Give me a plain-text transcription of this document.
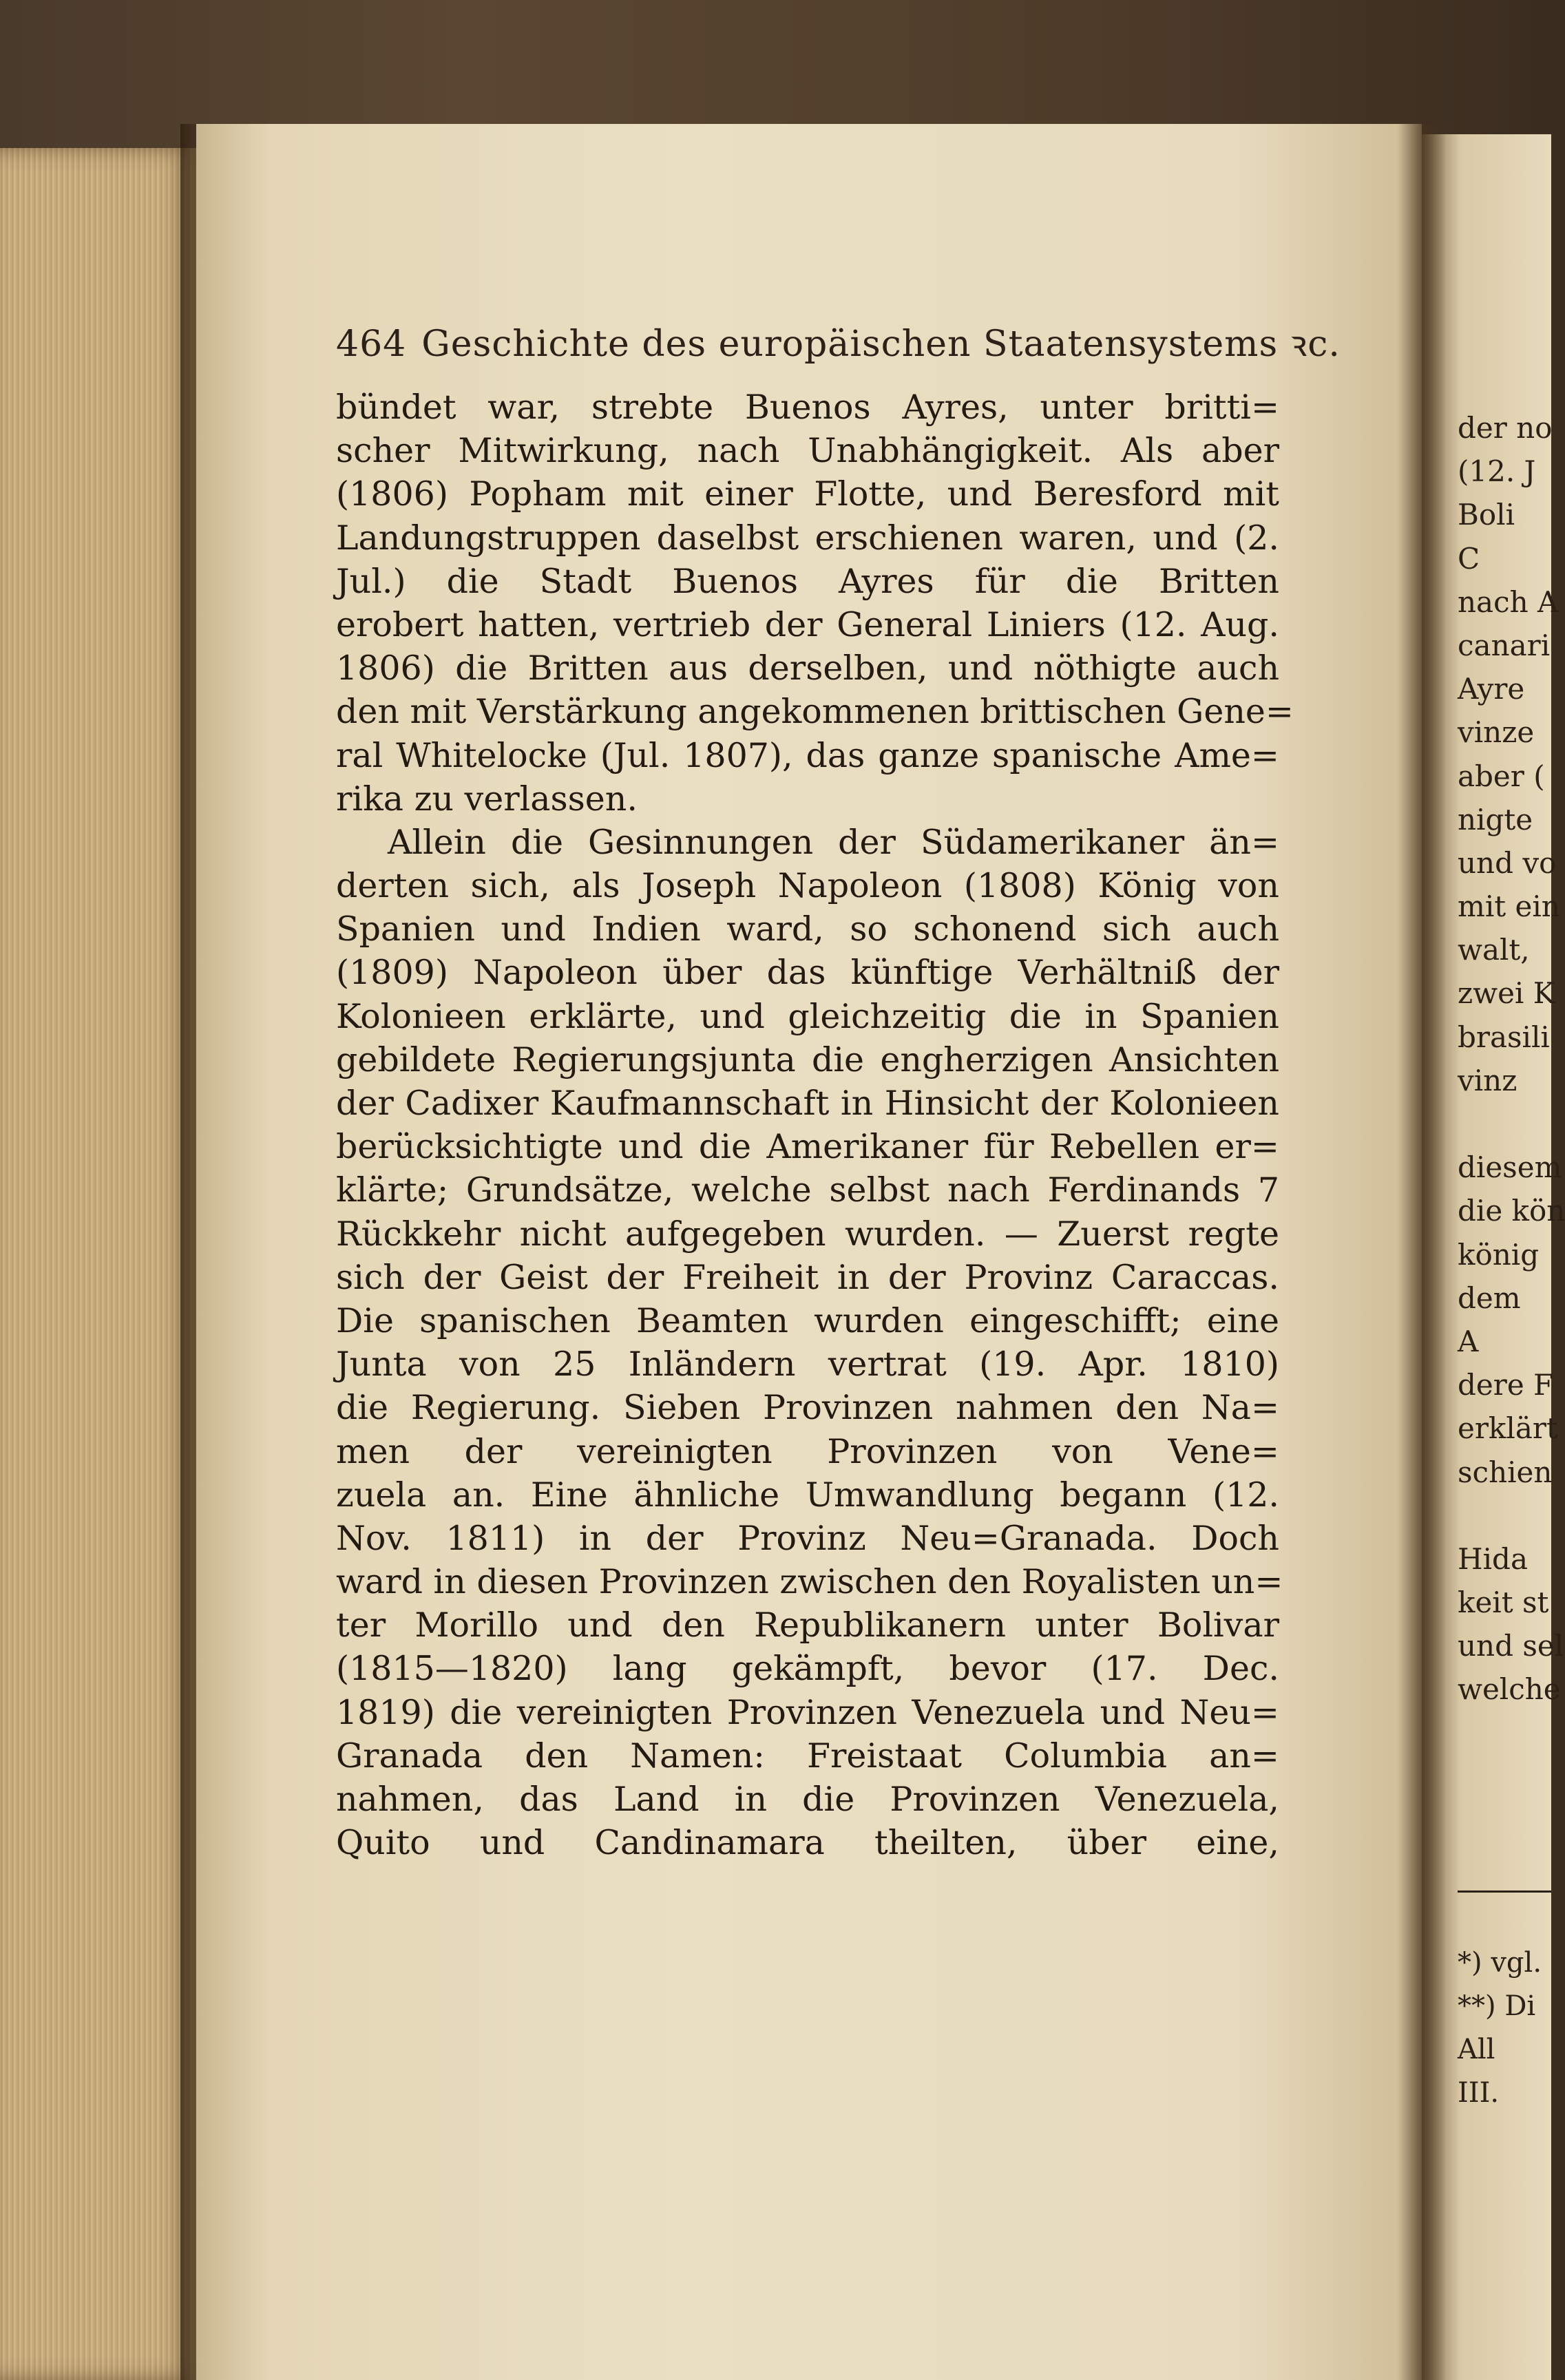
464 Geschichte des europäischen Staatensystems ꝛc.
bündet war, strebte Buenos Ayres, unter britti=
scher Mitwirkung, nach Unabhängigkeit. Als aber
(1806) Popham mit einer Flotte, und Beresford mit
Landungstruppen daselbst erschienen waren, und (2.
Jul.) die Stadt Buenos Ayres für die Britten
erobert hatten, vertrieb der General Liniers (12. Aug.
1806) die Britten aus derselben, und nöthigte auch
den mit Verstärkung angekommenen brittischen Gene=
ral Whitelocke (Jul. 1807), das ganze spanische Ame=
rika zu verlassen.
Allein die Gesinnungen der Südamerikaner än=
derten sich, als Joseph Napoleon (1808) König von
Spanien und Indien ward, so schonend sich auch
(1809) Napoleon über das künftige Verhältniß der
Kolonieen erklärte, und gleichzeitig die in Spanien
gebildete Regierungsjunta die engherzigen Ansichten
der Cadixer Kaufmannschaft in Hinsicht der Kolonieen
berücksichtigte und die Amerikaner für Rebellen er=
klärte; Grundsätze, welche selbst nach Ferdinands 7
Rückkehr nicht aufgegeben wurden. — Zuerst regte
sich der Geist der Freiheit in der Provinz Caraccas.
Die spanischen Beamten wurden eingeschifft; eine
Junta von 25 Inländern vertrat (19. Apr. 1810)
die Regierung. Sieben Provinzen nahmen den Na=
men der vereinigten Provinzen von Vene=
zuela an. Eine ähnliche Umwandlung begann (12.
Nov. 1811) in der Provinz Neu=Granada. Doch
ward in diesen Provinzen zwischen den Royalisten un=
ter Morillo und den Republikanern unter Bolivar
(1815—1820) lang gekämpft, bevor (17. Dec.
1819) die vereinigten Provinzen Venezuela und Neu=
Granada den Namen: Freistaat Columbia an=
nahmen, das Land in die Provinzen Venezuela,
Quito und Candinamara theilten, über eine,
der no
(12. J
Boli
C
nach A
canari
Ayre
vinze
aber (
nigte
und vo
mit ein
walt,
zwei K
brasili
vinz
diesem
die kön
könig
dem
A
dere F
erklärt
schien
Hida
keit st
und sel
welche
*) vgl.
**) Di
All
III.
